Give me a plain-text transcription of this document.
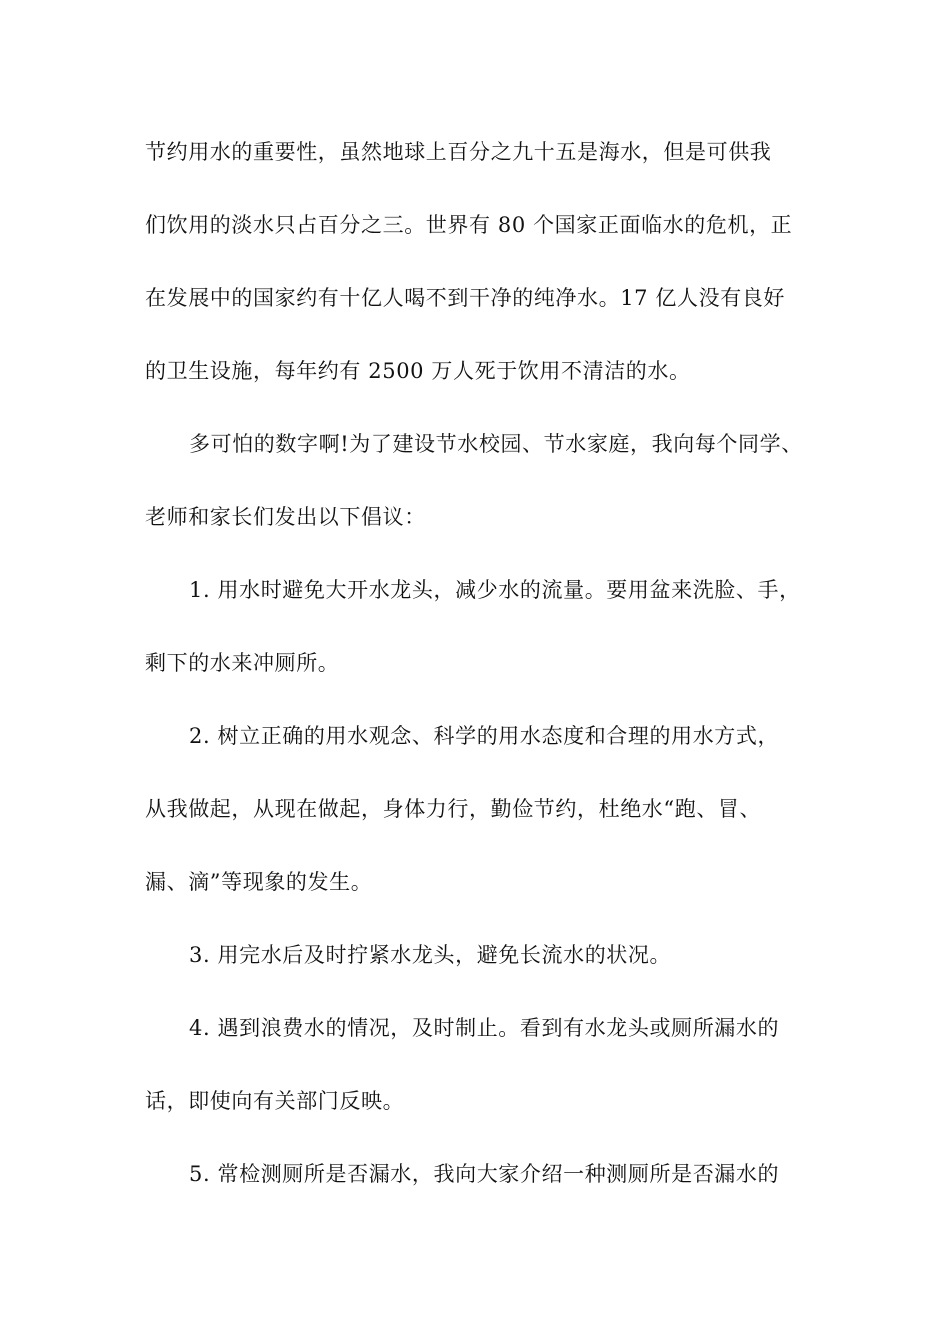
节约用水的重要性，虽然地球上百分之九十五是海水，但是可供我

们饮用的淡水只占百分之三。世界有 80 个国家正面临水的危机，正

在发展中的国家约有十亿人喝不到干净的纯净水。17 亿人没有良好

的卫生设施，每年约有 2500 万人死于饮用不清洁的水。

多可怕的数字啊!为了建设节水校园、节水家庭，我向每个同学、

老师和家长们发出以下倡议：

1. 用水时避免大开水龙头，减少水的流量。要用盆来洗脸、手，

剩下的水来冲厕所。

2. 树立正确的用水观念、科学的用水态度和合理的用水方式，

从我做起，从现在做起，身体力行，勤俭节约，杜绝水“跑、冒、

漏、滴”等现象的发生。

3. 用完水后及时拧紧水龙头，避免长流水的状况。

4. 遇到浪费水的情况，及时制止。看到有水龙头或厕所漏水的

话，即使向有关部门反映。

5. 常检测厕所是否漏水，我向大家介绍一种测厕所是否漏水的
